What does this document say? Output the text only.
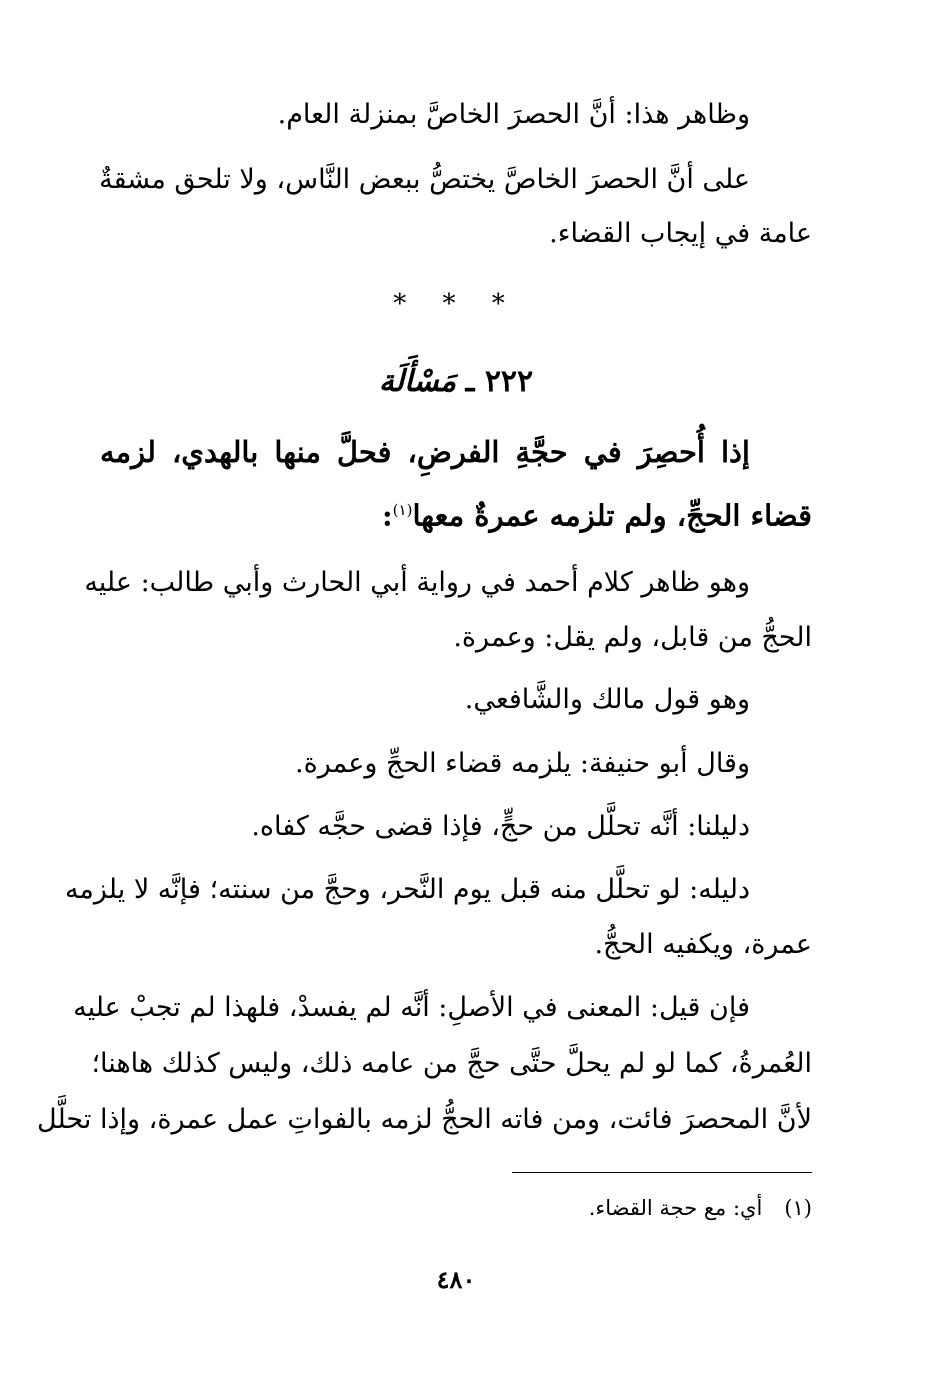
وظاهر هذا: أنَّ الحصرَ الخاصَّ بمنزلة العام.
على أنَّ الحصرَ الخاصَّ يختصُّ ببعض النَّاس، ولا تلحق مشقةٌ
عامة في إيجاب القضاء.
* * *
٢٢٢ ـ مَسْأَلَة
إذا أُحصِرَ في حجَّةِ الفرضِ، فحلَّ منها بالهدي، لزمه
قضاء الحجِّ، ولم تلزمه عمرةٌ معها$^{(١)}$:
وهو ظاهر كلام أحمد في رواية أبي الحارث وأبي طالب: عليه
الحجُّ من قابل، ولم يقل: وعمرة.
وهو قول مالك والشَّافعي.
وقال أبو حنيفة: يلزمه قضاء الحجِّ وعمرة.
دليلنا: أنَّه تحلَّل من حجٍّ، فإذا قضى حجَّه كفاه.
دليله: لو تحلَّل منه قبل يوم النَّحر، وحجَّ من سنته؛ فإنَّه لا يلزمه
عمرة، ويكفيه الحجُّ.
فإن قيل: المعنى في الأصلِ: أنَّه لم يفسدْ، فلهذا لم تجبْ عليه
العُمرةُ، كما لو لم يحلَّ حتَّى حجَّ من عامه ذلك، وليس كذلك هاهنا؛
لأنَّ المحصرَ فائت، ومن فاته الحجُّ لزمه بالفواتِ عمل عمرة، وإذا تحلَّل
(١)أي: مع حجة القضاء.
٤٨٠
